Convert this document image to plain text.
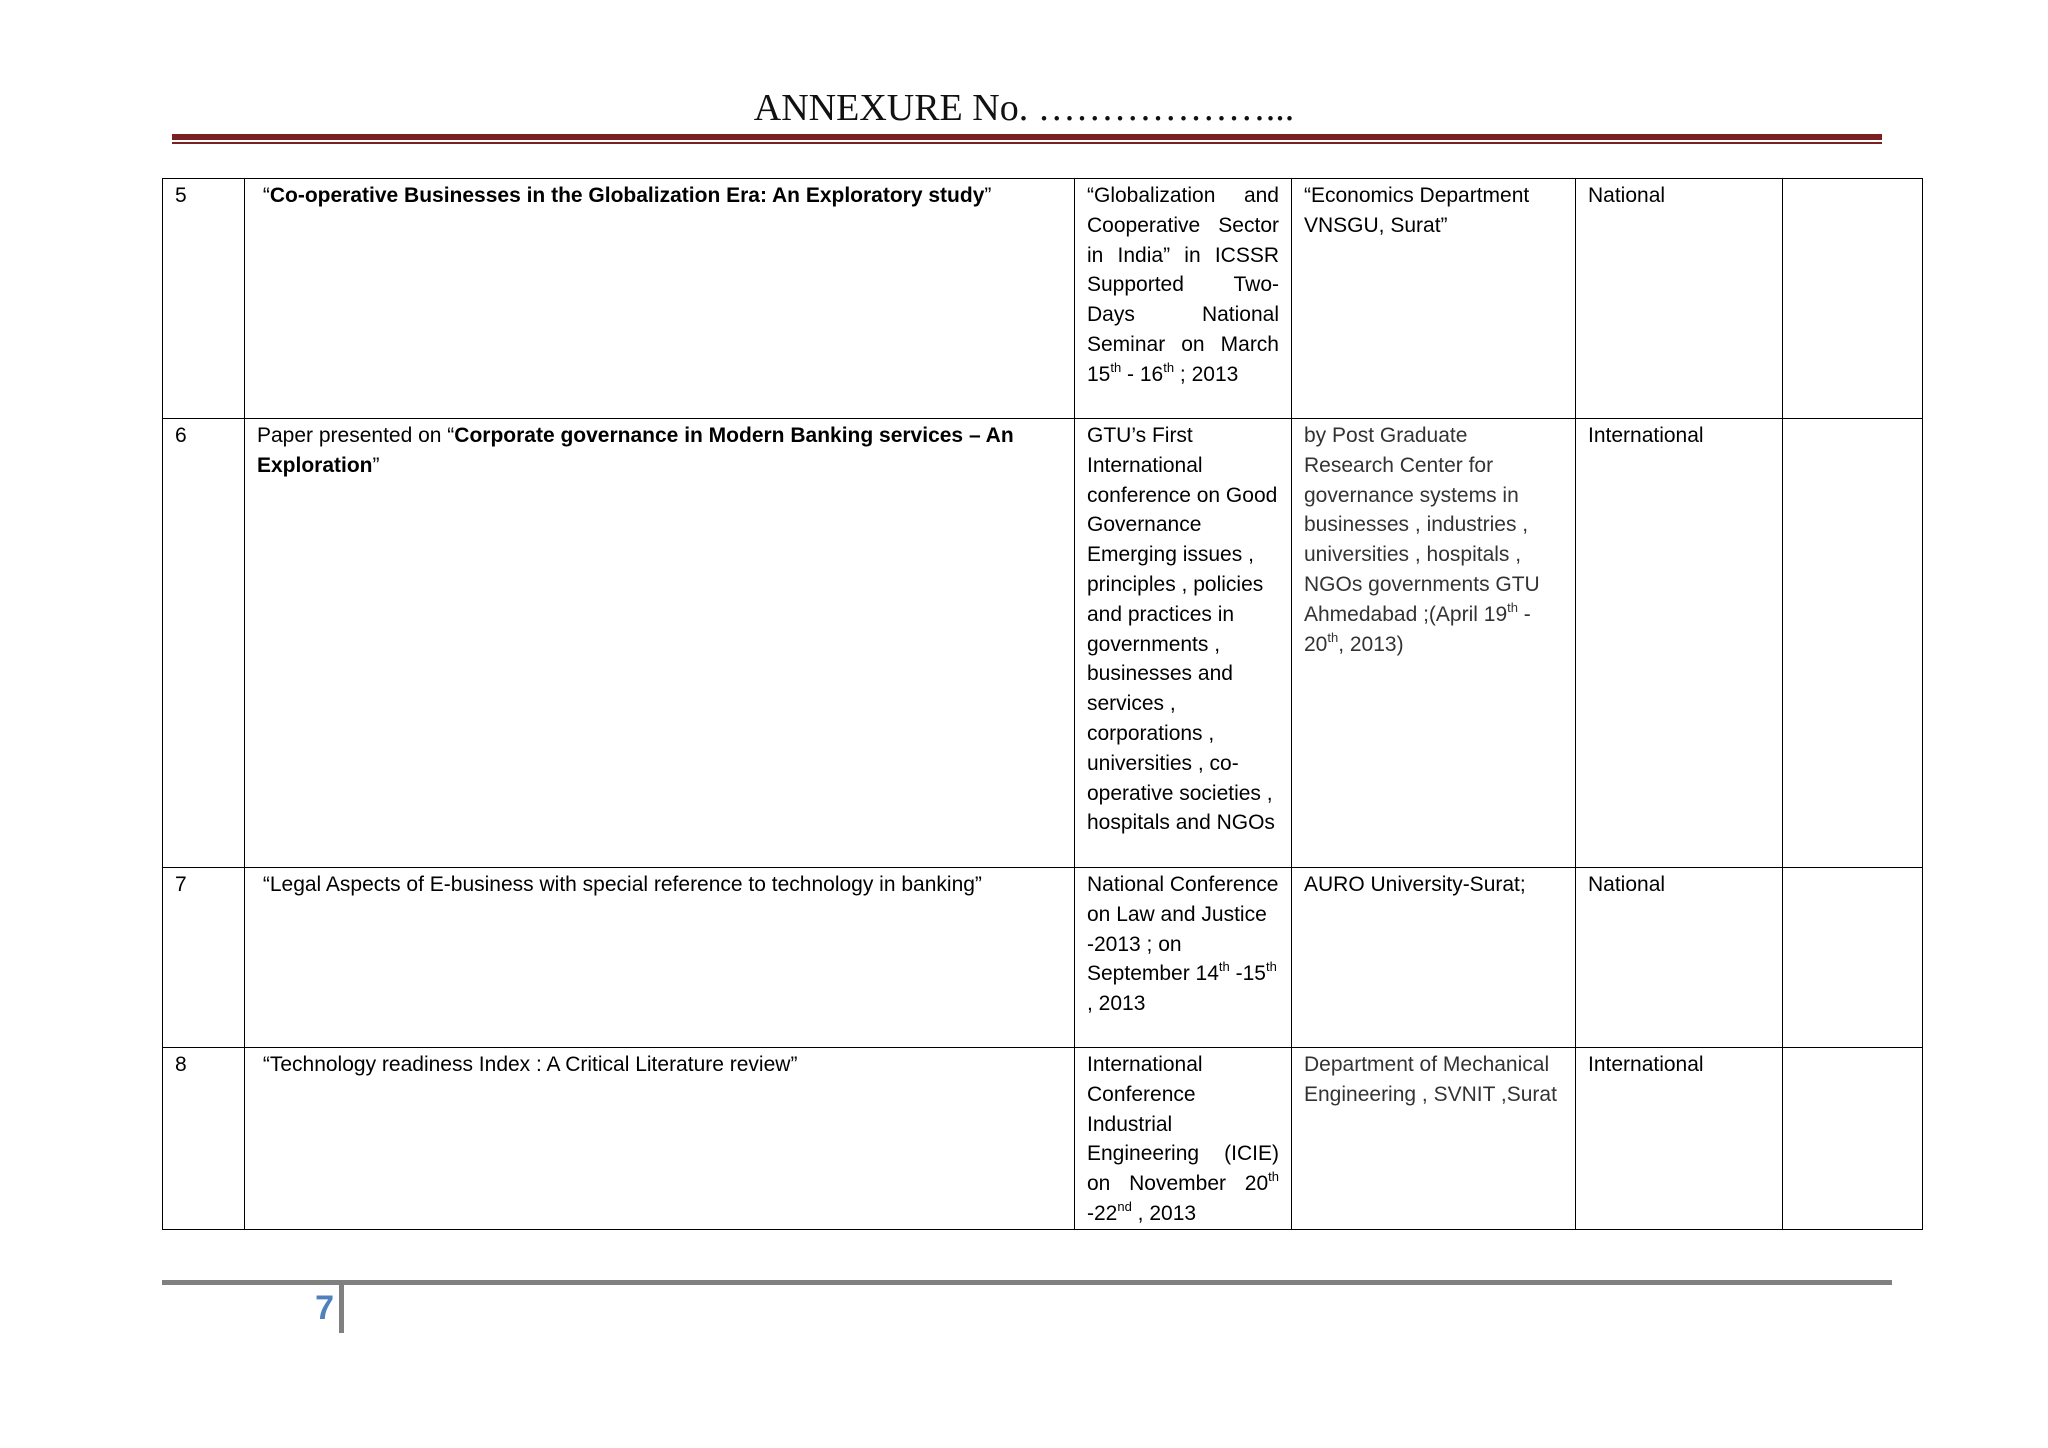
ANNEXURE No. ………………...
5	“Co-operative Businesses in the Globalization Era: An Exploratory study”	“Globalization and Cooperative Sector in India” in ICSSR Supported Two-Days National Seminar on March 15th - 16th ; 2013	“Economics Department VNSGU, Surat”	National	
6	Paper presented on “Corporate governance in Modern Banking services – An Exploration”	GTU’s First International conference on Good Governance Emerging issues , principles , policies and practices in governments , businesses and services , corporations , universities , co-operative societies , hospitals and NGOs	by Post Graduate Research Center for governance systems in businesses , industries , universities , hospitals , NGOs governments GTU Ahmedabad ;(April 19th - 20th, 2013)	International	
7	“Legal Aspects of E-business with special reference to technology in banking”	National Conference on Law and Justice -2013 ; on September 14th -15th , 2013	AURO University-Surat;	National	
8	“Technology readiness Index : A Critical Literature review”	International Conference Industrial Engineering (ICIE) on November 20th -22nd , 2013	Department of Mechanical Engineering , SVNIT ,Surat	International	
7
